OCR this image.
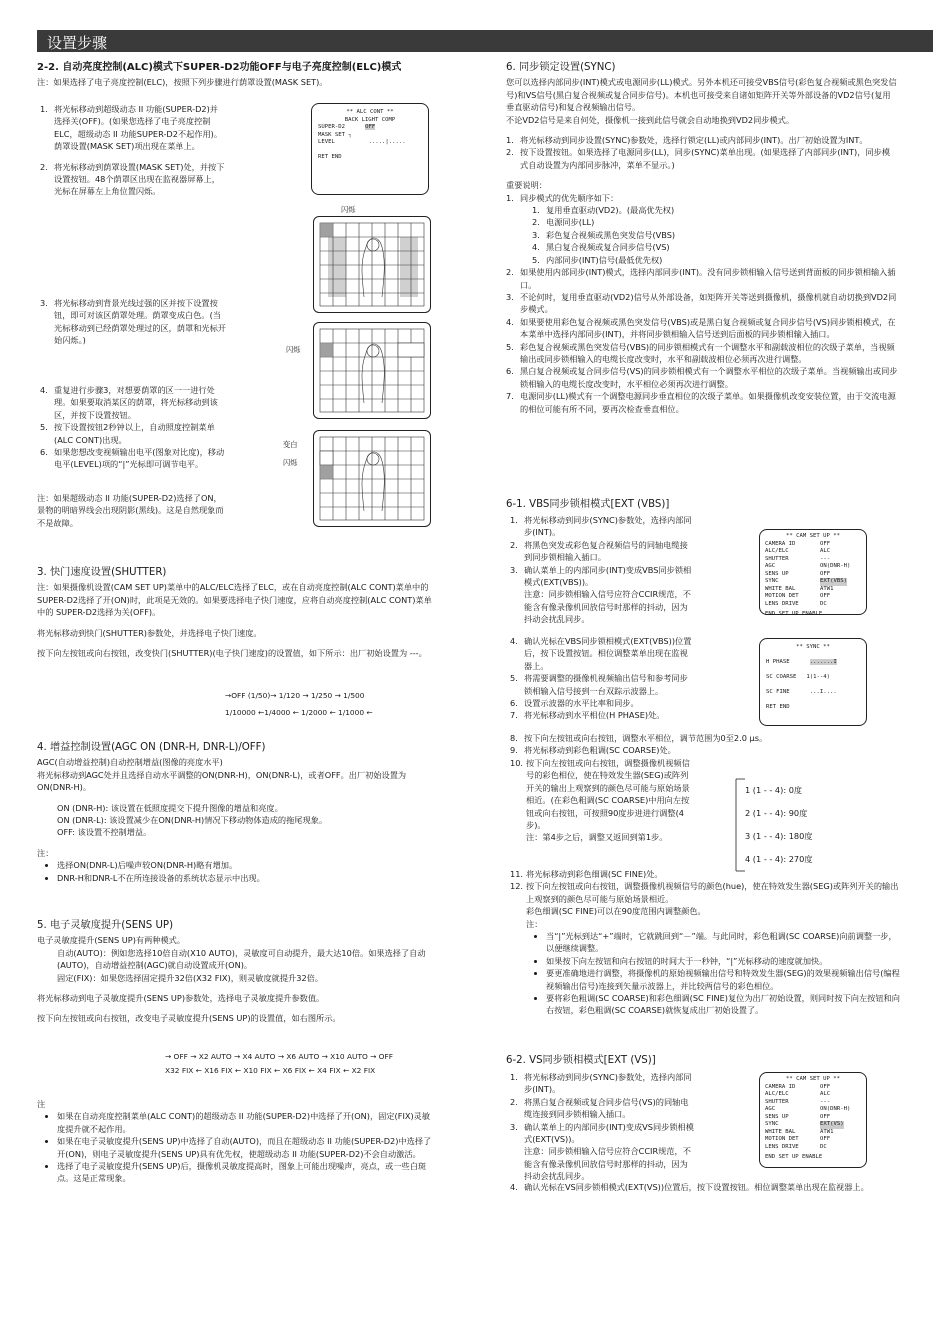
设置步骤

2-2. 自动亮度控制(ALC)模式下SUPER-D2功能OFF与电子亮度控制(ELC)模式

注：如果选择了电子亮度控制(ELC)，按照下列步骤进行荫罩设置(MASK SET)。

1. 将光标移动到超级动态 II 功能(SUPER-D2)并选择关(OFF)。(如果您选择了电子亮度控制ELC，超级动态 II 功能SUPER-D2不起作用)。荫罩设置(MASK SET)项出现在菜单上。
2. 将光标移动到荫罩设置(MASK SET)处，并按下设置按钮。48个荫罩区出现在监视器屏幕上，光标在屏幕左上角位置闪烁。
3. 将光标移动到背景光线过强的区并按下设置按钮，即可对该区荫罩处理。荫罩变成白色。(当光标移动到已经荫罩处理过的区，荫罩和光标开始闪烁。)
4. 重复进行步骤3，对想要荫罩的区一一进行处理。如果要取消某区的荫罩，将光标移动到该区，并按下设置按钮。
5. 按下设置按钮2秒钟以上，自动照度控制菜单(ALC CONT)出现。
6. 如果您想改变视频输出电平(图象对比度)，移动电平(LEVEL)项的“|”光标即可调节电平。

注：如果超级动态 II 功能(SUPER-D2)选择了ON，景物的明暗界线会出现阴影(黑线)。这是自然现象而不是故障。

** ALC CONT **
BACK LIGHT COMP
SUPER-D2	OFF
MASK SET ┐
LEVEL          .....|.....

RET END
闪烁
闪烁
变白
闪烁

3. 快门速度设置(SHUTTER)

注：如果摄像机设置(CAM SET UP)菜单中的ALC/ELC选择了ELC，或在自动亮度控制(ALC CONT)菜单中的SUPER-D2选择了开(ON)时，此项是无效的。如果要选择电子快门速度，应将自动亮度控制(ALC CONT)菜单中的 SUPER-D2选择为关(OFF)。

将光标移动到快门(SHUTTER)参数处，并选择电子快门速度。

按下向左按钮或向右按钮，改变快门(SHUTTER)(电子快门速度)的设置值，如下所示：出厂初始设置为 ---。

→OFF (1/50)→ 1/120 → 1/250 → 1/500
1/10000 ←1/4000 ← 1/2000 ← 1/1000 ←

4. 增益控制设置(AGC ON (DNR-H, DNR-L)/OFF)

AGC(自动增益控制)自动控制增益(图像的亮度水平)

将光标移动到AGC处并且选择自动水平调整的ON(DNR-H)，ON(DNR-L)，或者OFF。出厂初始设置为ON(DNR-H)。

ON (DNR-H): 该设置在低照度提交下提升图像的增益和亮度。

ON (DNR-L): 该设置减少在ON(DNR-H)情况下移动物体造成的拖尾现象。

OFF: 该设置不控制增益。

注：

• 选择ON(DNR-L)后噪声较ON(DNR-H)略有增加。
• DNR-H和DNR-L不在所连接设备的系统状态显示中出现。

5. 电子灵敏度提升(SENS UP)

电子灵敏度提升(SENS UP)有两种模式。

自动(AUTO)：例如您选择10倍自动(X10 AUTO)，灵敏度可自动提升，最大达10倍。如果选择了自动(AUTO)，自动增益控制(AGC)就自动设置成开(ON)。

固定(FIX)：如果您选择固定提升32倍(X32 FIX)，则灵敏度就提升32倍。

将光标移动到电子灵敏度提升(SENS UP)参数处，选择电子灵敏度提升参数值。

按下向左按钮或向右按钮，改变电子灵敏度提升(SENS UP)的设置值，如右图所示。

→ OFF → X2 AUTO → X4 AUTO → X6 AUTO → X10 AUTO → OFF
X32 FIX ← X16 FIX ← X10 FIX ← X6 FIX ← X4 FIX ← X2 FIX

注

• 如果在自动亮度控制菜单(ALC CONT)的超级动态 II 功能(SUPER-D2)中选择了开(ON)，固定(FIX)灵敏度提升就不起作用。
• 如果在电子灵敏度提升(SENS UP)中选择了自动(AUTO)，而且在超级动态 II 功能(SUPER-D2)中选择了开(ON)，则电子灵敏度提升(SENS UP)具有优先权，使超级动态 II 功能(SUPER-D2)不会自动激活。
• 选择了电子灵敏度提升(SENS UP)后，摄像机灵敏度提高时，图象上可能出现噪声，亮点，或一些白斑点。这是正常现象。

6. 同步锁定设置(SYNC)

您可以选择内部同步(INT)模式或电源同步(LL)模式。另外本机还可接受VBS信号(彩色复合视频或黑色突发信号)和VS信号(黑白复合视频或复合同步信号)。本机也可接受来自诸如矩阵开关等外部设备的VD2信号(复用垂直驱动信号)和复合视频输出信号。

不论VD2信号是来自何处，摄像机一接到此信号就会自动地换到VD2同步模式。

1. 将光标移动到同步设置(SYNC)参数处，选择行锁定(LL)或内部同步(INT)。出厂初始设置为INT。
2. 按下设置按钮。如果选择了电源同步(LL)，同步(SYNC)菜单出现。(如果选择了内部同步(INT)，同步模式自动设置为内部同步脉冲，菜单不显示。)

重要说明：

1. 同步模式的优先顺序如下：
1. 复用垂直驱动(VD2)。(最高优先权)
2. 电源同步(LL)
3. 彩色复合视频或黑色突发信号(VBS)
4. 黑白复合视频或复合同步信号(VS)
5. 内部同步(INT)信号(最低优先权)
2. 如果使用内部同步(INT)模式，选择内部同步(INT)。没有同步锁相输入信号送到背面板的同步锁相输入插口。
3. 不论何时，复用垂直驱动(VD2)信号从外部设备，如矩阵开关等送到摄像机，摄像机就自动切换到VD2同步模式。
4. 如果要使用彩色复合视频或黑色突发信号(VBS)或是黑白复合视频或复合同步信号(VS)同步锁相模式，在本菜单中选择内部同步(INT)，并将同步锁相输入信号送到后面板的同步锁相输入插口。
5. 彩色复合视频或黑色突发信号(VBS)的同步锁相模式有一个调整水平和副载波相位的次级子菜单，当视频输出或同步锁相输入的电缆长度改变时，水平和副载波相位必须再次进行调整。
6. 黑白复合视频或复合同步信号(VS)的同步锁相模式有一个调整水平相位的次级子菜单。当视频输出或同步锁相输入的电缆长度改变时，水平相位必须再次进行调整。
7. 电源同步(LL)模式有一个调整电源同步垂直相位的次级子菜单。如果摄像机改变安装位置，由于交流电源的相位可能有所不同，要再次检查垂直相位。

6-1. VBS同步锁相模式[EXT (VBS)]

1. 将光标移动到同步(SYNC)参数处，选择内部同步(INT)。
2. 将黑色突发或彩色复合视频信号的同轴电缆接到同步锁相输入插口。
3. 确认菜单上的内部同步(INT)变成VBS同步锁相模式(EXT(VBS))。
注意：同步锁相输入信号应符合CCIR规范，不能含有像录像机回放信号时那样的抖动，因为抖动会扰乱同步。
** CAM SET UP **
CAMERA ID	OFF
ALC/ELC	ALC
SHUTTER	---
AGC	ON(DNR-H)
SENS UP	OFF
SYNC	EXT(VBS)
WHITE BAL	ATW1
MOTION DET	OFF
LENS DRIVE	DC
END SET UP ENABLE
4. 确认光标在VBS同步锁相模式(EXT(VBS))位置后，按下设置按钮。相位调整菜单出现在监视器上。
5. 将需要调整的摄像机视频输出信号和参考同步锁相输入信号接到一台双踪示波器上。
6. 设置示波器的水平比率和同步。
7. 将光标移动到水平相位(H PHASE)处。
** SYNC **

H PHASE	.......I

SC COARSE 1(1--4)

SC FINE      ...I....

RET END
8. 按下向左按钮或向右按钮，调整水平相位，调节范围为0至2.0 μs。
9. 将光标移动到彩色粗调(SC COARSE)处。
10. 按下向左按钮或向右按钮，调整摄像机视频信号的彩色相位，使在特效发生器(SEG)或阵列开关的输出上观察到的颜色尽可能与原始场景相近。(在彩色粗调(SC COARSE)中用向左按钮或向右按钮，可按照90度步进进行调整(4步)。
注：第4步之后，调整又返回到第1步。
1 (1 - - 4): 0度
2 (1 - - 4): 90度
3 (1 - - 4): 180度
4 (1 - - 4): 270度
11. 将光标移动到彩色细调(SC FINE)处。
12. 按下向左按钮或向右按钮，调整摄像机视频信号的颜色(hue)，使在特效发生器(SEG)或阵列开关的输出上观察到的颜色尽可能与原始场景相近。
彩色细调(SC FINE)可以在90度范围内调整颜色。
注：
• 当“|”光标到达“+”端时，它就跳回到“－”端。与此同时，彩色粗调(SC COARSE)向前调整一步，以便继续调整。
• 如果按下向左按钮和向右按钮的时间大于一秒钟，“|”光标移动的速度就加快。
• 要更准确地进行调整，将摄像机的原始视频输出信号和特效发生器(SEG)的效果视频输出信号(编程视频输出信号)连接到矢量示波器上，并比较两信号的彩色相位。
• 要将彩色粗调(SC COARSE)和彩色细调(SC FINE)复位为出厂初始设置，则同时按下向左按钮和向右按钮，彩色粗调(SC COARSE)就恢复成出厂初始设置了。

6-2. VS同步锁相模式[EXT (VS)]

1. 将光标移动到同步(SYNC)参数处，选择内部同步(INT)。
2. 将黑白复合视频或复合同步信号(VS)的同轴电缆连接到同步锁相输入插口。
3. 确认菜单上的内部同步(INT)变成VS同步锁相模式(EXT(VS))。
注意：同步锁相输入信号应符合CCIR规范，不能含有像录像机回放信号时那样的抖动，因为抖动会扰乱同步。
4. 确认光标在VS同步锁相模式(EXT(VS))位置后，按下设置按钮。相位调整菜单出现在监视器上。
** CAM SET UP **
CAMERA ID	OFF
ALC/ELC	ALC
SHUTTER	---
AGC	ON(DNR-H)
SENS UP	OFF
SYNC	EXT(VS)
WHITE BAL	ATW1
MOTION DET	OFF
LENS DRIVE	DC
END SET UP ENABLE
